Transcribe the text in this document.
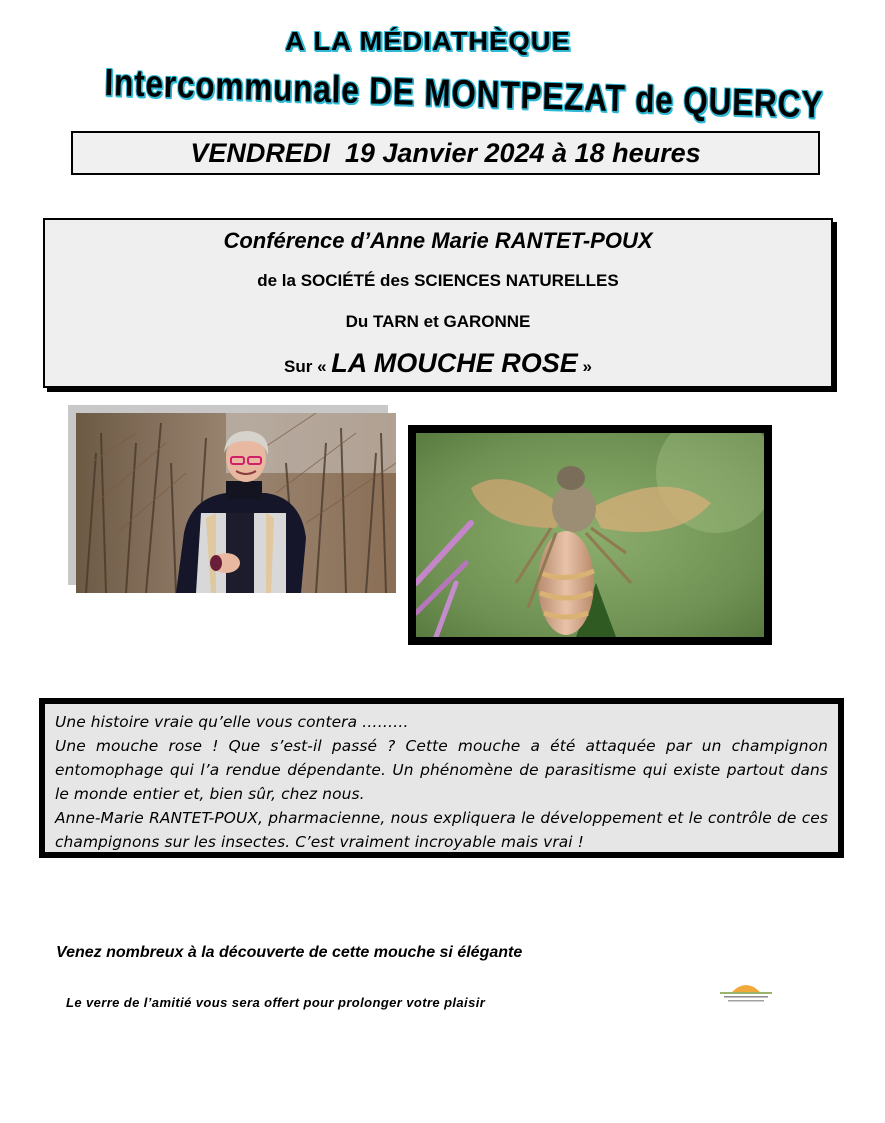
A LA MÉDIATHÈQUE
Intercommunale DE MONTPEZAT de QUERCY
VENDREDI  19 Janvier 2024 à 18 heures
Conférence d’Anne Marie RANTET-POUX
de la SOCIÉTÉ des SCIENCES NATURELLES
Du TARN et GARONNE
Sur « LA MOUCHE ROSE »

Une histoire vraie qu’elle vous contera ………

Une mouche rose ! Que s’est-il passé ? Cette mouche a été attaquée par un champignon entomophage qui l’a rendue dépendante. Un phénomène de parasitisme qui existe partout dans le monde entier et, bien sûr, chez nous.

Anne-Marie RANTET-POUX, pharmacienne, nous expliquera le développement et le contrôle de ces champignons sur les insectes. C’est vraiment incroyable mais vrai !

Venez nombreux à la découverte de cette mouche si élégante
Le verre de l’amitié vous sera offert pour prolonger votre plaisir
